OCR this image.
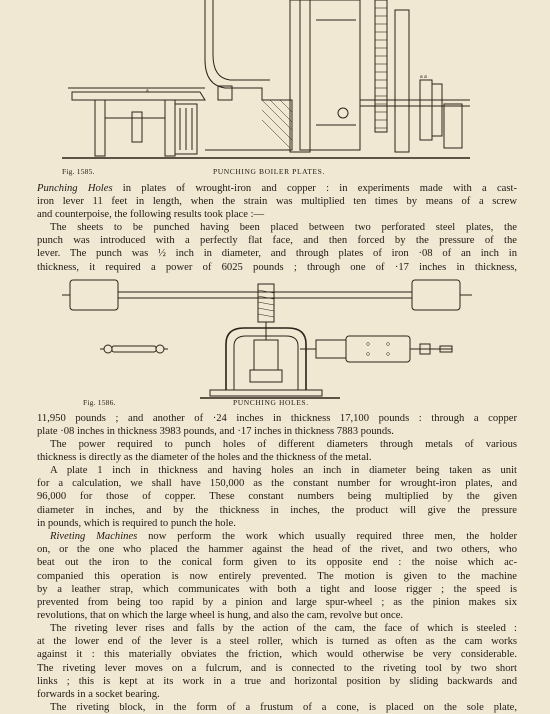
a
a a
Fig. 1585.	PUNCHING BOILER PLATES.
Punching Holes in plates of wrought-iron and copper : in experiments made with a cast-
iron lever 11 feet in length, when the strain was multiplied ten times by means of a screw
and counterpoise, the following results took place :—
The sheets to be punched having been placed between two perforated steel plates, the
punch was introduced with a perfectly flat face, and then forced by the pressure of the
lever. The punch was ½ inch in diameter, and through plates of iron ·08 of an inch in
thickness, it required a power of 6025 pounds ; through one of ·17 inches in thickness,
Fig. 1586.	PUNCHING HOLES.
11,950 pounds ; and another of ·24 inches in thickness 17,100 pounds : through a copper
plate ·08 inches in thickness 3983 pounds, and ·17 inches in thickness 7883 pounds.
The power required to punch holes of different diameters through metals of various
thickness is directly as the diameter of the holes and the thickness of the metal.
A plate 1 inch in thickness and having holes an inch in diameter being taken as unit
for a calculation, we shall have 150,000 as the constant number for wrought-iron plates, and
96,000 for those of copper. These constant numbers being multiplied by the given
diameter in inches, and by the thickness in inches, the product will give the pressure
in pounds, which is required to punch the hole.
Riveting Machines now perform the work which usually required three men, the holder
on, or the one who placed the hammer against the head of the rivet, and two others, who
beat out the iron to the conical form given to its opposite end : the noise which ac-
companied this operation is now entirely prevented. The motion is given to the machine
by a leather strap, which communicates with both a tight and loose rigger ; the speed is
prevented from being too rapid by a pinion and large spur-wheel ; as the pinion makes six
revolutions, that on which the large wheel is hung, and also the cam, revolve but once.
The riveting lever rises and falls by the action of the cam, the face of which is steeled :
at the lower end of the lever is a steel roller, which is turned as often as the cam works
against it : this materially obviates the friction, which would otherwise be very considerable.
The riveting lever moves on a fulcrum, and is connected to the riveting tool by two short
links ; this is kept at its work in a true and horizontal position by sliding backwards and
forwards in a socket bearing.
The riveting block, in the form of a frustum of a cone, is placed on the sole plate,
